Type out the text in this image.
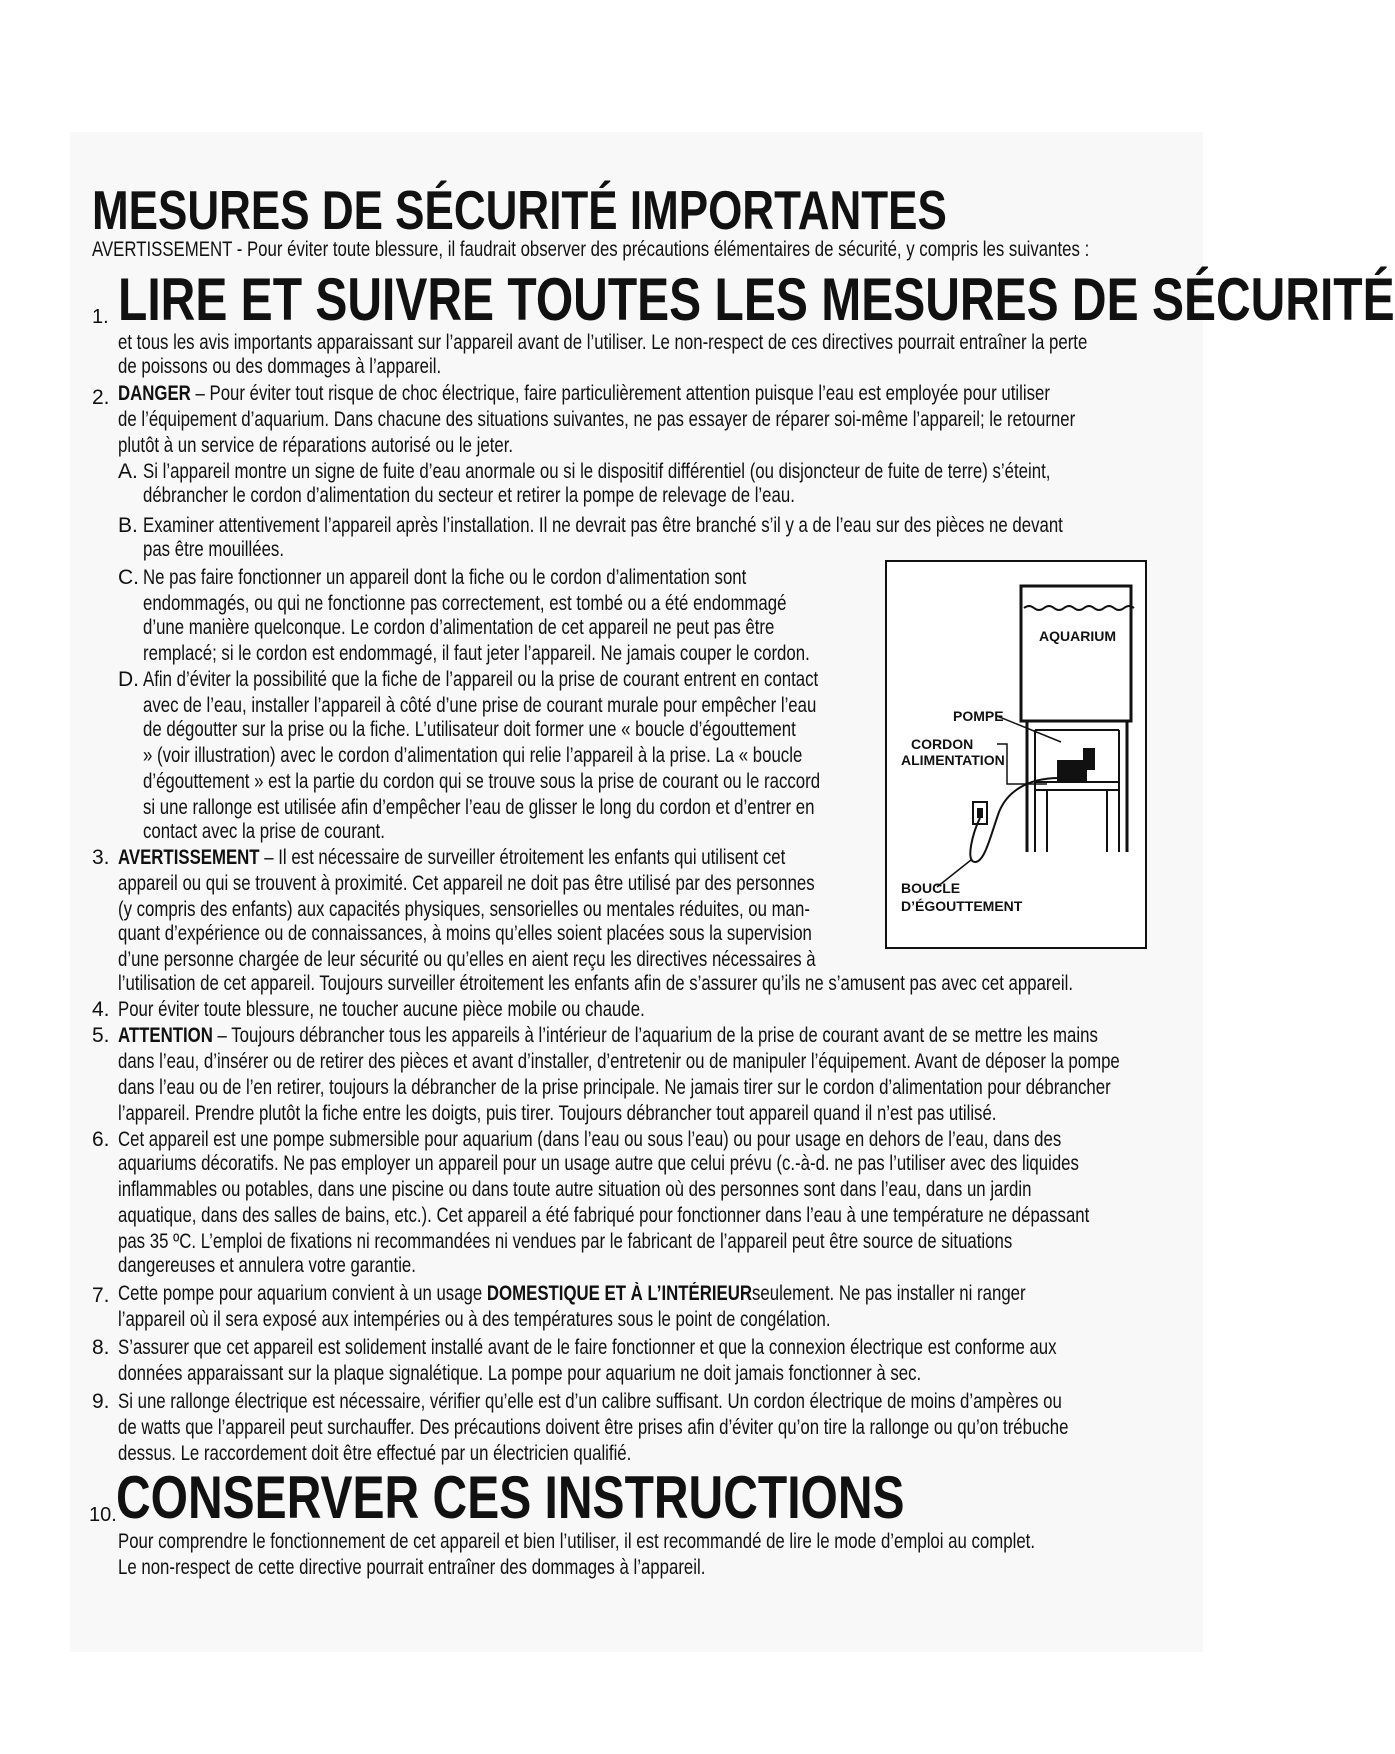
MESURES DE SÉCURITÉ IMPORTANTES
AVERTISSEMENT - Pour éviter toute blessure, il faudrait observer des précautions élémentaires de sécurité, y compris les suivantes :
1. LIRE ET SUIVRE TOUTES LES MESURES DE SÉCURITÉ
et tous les avis importants apparaissant sur l’appareil avant de l’utiliser. Le non-respect de ces directives pourrait entraîner la perte
de poissons ou des dommages à l’appareil.
2. DANGER – Pour éviter tout risque de choc électrique, faire particulièrement attention puisque l’eau est employée pour utiliser
de l’équipement d’aquarium. Dans chacune des situations suivantes, ne pas essayer de réparer soi-même l’appareil; le retourner
plutôt à un service de réparations autorisé ou le jeter.
A. Si l’appareil montre un signe de fuite d’eau anormale ou si le dispositif différentiel (ou disjoncteur de fuite de terre) s’éteint,
débrancher le cordon d’alimentation du secteur et retirer la pompe de relevage de l’eau.
B. Examiner attentivement l’appareil après l’installation. Il ne devrait pas être branché s’il y a de l’eau sur des pièces ne devant
pas être mouillées.
C. Ne pas faire fonctionner un appareil dont la fiche ou le cordon d’alimentation sont
endommagés, ou qui ne fonctionne pas correctement, est tombé ou a été endommagé
d’une manière quelconque. Le cordon d’alimentation de cet appareil ne peut pas être
remplacé; si le cordon est endommagé, il faut jeter l’appareil. Ne jamais couper le cordon.
D. Afin d’éviter la possibilité que la fiche de l’appareil ou la prise de courant entrent en contact
avec de l’eau, installer l’appareil à côté d’une prise de courant murale pour empêcher l’eau
de dégoutter sur la prise ou la fiche. L’utilisateur doit former une « boucle d’égouttement
» (voir illustration) avec le cordon d’alimentation qui relie l’appareil à la prise. La « boucle
d’égouttement » est la partie du cordon qui se trouve sous la prise de courant ou le raccord
si une rallonge est utilisée afin d’empêcher l’eau de glisser le long du cordon et d’entrer en
contact avec la prise de courant.
3. AVERTISSEMENT – Il est nécessaire de surveiller étroitement les enfants qui utilisent cet
appareil ou qui se trouvent à proximité. Cet appareil ne doit pas être utilisé par des personnes
(y compris des enfants) aux capacités physiques, sensorielles ou mentales réduites, ou man-
quant d’expérience ou de connaissances, à moins qu’elles soient placées sous la supervision
d’une personne chargée de leur sécurité ou qu’elles en aient reçu les directives nécessaires à
l’utilisation de cet appareil. Toujours surveiller étroitement les enfants afin de s’assurer qu’ils ne s’amusent pas avec cet appareil.
4. Pour éviter toute blessure, ne toucher aucune pièce mobile ou chaude.
5. ATTENTION – Toujours débrancher tous les appareils à l’intérieur de l’aquarium de la prise de courant avant de se mettre les mains
dans l’eau, d’insérer ou de retirer des pièces et avant d’installer, d’entretenir ou de manipuler l’équipement. Avant de déposer la pompe
dans l’eau ou de l’en retirer, toujours la débrancher de la prise principale. Ne jamais tirer sur le cordon d’alimentation pour débrancher
l’appareil. Prendre plutôt la fiche entre les doigts, puis tirer. Toujours débrancher tout appareil quand il n’est pas utilisé.
6. Cet appareil est une pompe submersible pour aquarium (dans l’eau ou sous l’eau) ou pour usage en dehors de l’eau, dans des
aquariums décoratifs. Ne pas employer un appareil pour un usage autre que celui prévu (c.-à-d. ne pas l’utiliser avec des liquides
inflammables ou potables, dans une piscine ou dans toute autre situation où des personnes sont dans l’eau, dans un jardin
aquatique, dans des salles de bains, etc.). Cet appareil a été fabriqué pour fonctionner dans l’eau à une température ne dépassant
pas 35 ºC. L’emploi de fixations ni recommandées ni vendues par le fabricant de l’appareil peut être source de situations
dangereuses et annulera votre garantie.
7. Cette pompe pour aquarium convient à un usage DOMESTIQUE ET À L’INTÉRIEURseulement. Ne pas installer ni ranger
l’appareil où il sera exposé aux intempéries ou à des températures sous le point de congélation.
8. S’assurer que cet appareil est solidement installé avant de le faire fonctionner et que la connexion électrique est conforme aux
données apparaissant sur la plaque signalétique. La pompe pour aquarium ne doit jamais fonctionner à sec.
9. Si une rallonge électrique est nécessaire, vérifier qu’elle est d’un calibre suffisant. Un cordon électrique de moins d’ampères ou
de watts que l’appareil peut surchauffer. Des précautions doivent être prises afin d’éviter qu’on tire la rallonge ou qu’on trébuche
dessus. Le raccordement doit être effectué par un électricien qualifié.
10. CONSERVER CES INSTRUCTIONS
Pour comprendre le fonctionnement de cet appareil et bien l’utiliser, il est recommandé de lire le mode d’emploi au complet.
Le non-respect de cette directive pourrait entraîner des dommages à l’appareil.
AQUARIUM
POMPE
CORDON
ALIMENTATION
BOUCLE
D’ÉGOUTTEMENT
